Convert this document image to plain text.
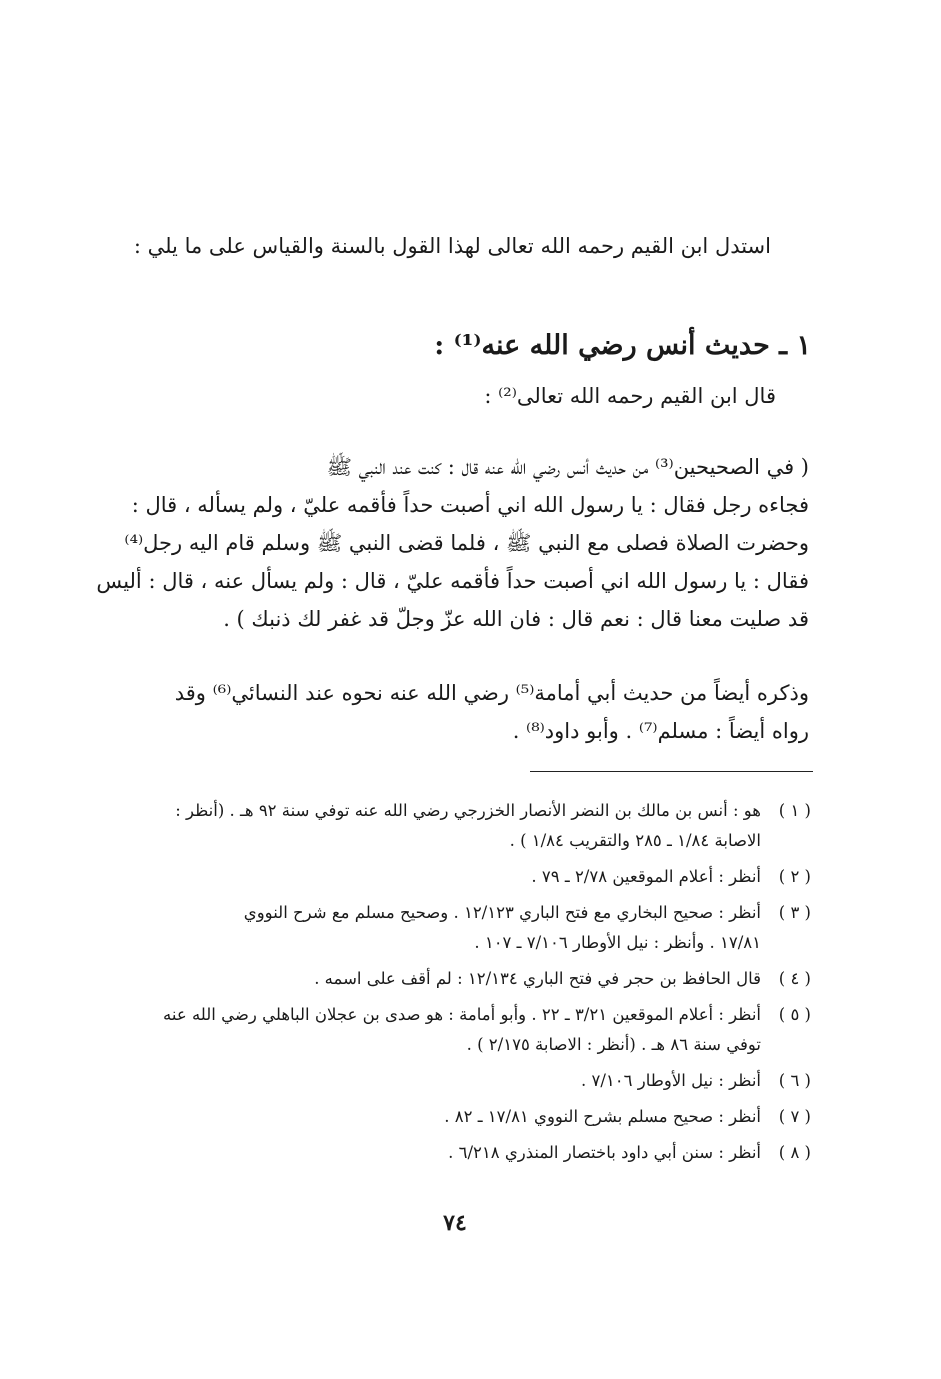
استدل ابن القيم رحمه الله تعالى لهذا القول بالسنة والقياس على ما يلي :
١ ـ حديث أنس رضي الله عنه⁽¹⁾ :
قال ابن القيم رحمه الله تعالى⁽²⁾ :

( في الصحيحين⁽³⁾ من حديث أنس رضي الله عنه قال : كنت عند النبي ﷺ

فجاءه رجل فقال : يا رسول الله اني أصبت حداً فأقمه عليّ ، ولم يسأله ، قال :

وحضرت الصلاة فصلى مع النبي ﷺ ، فلما قضى النبي ﷺ وسلم قام اليه رجل⁽⁴⁾

فقال : يا رسول الله اني أصبت حداً فأقمه عليّ ، قال : ولم يسأل عنه ، قال : أليس

قد صليت معنا قال : نعم قال : فان الله عزّ وجلّ قد غفر لك ذنبك ) .

وذكره أيضاً من حديث أبي أمامة⁽⁵⁾ رضي الله عنه نحوه عند النسائي⁽⁶⁾ وقد

رواه أيضاً : مسلم⁽⁷⁾ . وأبو داود⁽⁸⁾ .

( ١ )
هو : أنس بن مالك بن النضر الأنصار الخزرجي رضي الله عنه توفي سنة ٩٢ هـ . (أنظر :
الاصابة ١/٨٤ ـ ٢٨٥ والتقريب ١/٨٤ ) .
( ٢ )
أنظر : أعلام الموقعين ٢/٧٨ ـ ٧٩ .
( ٣ )
أنظر : صحيح البخاري مع فتح الباري ١٢/١٢٣ . وصحيح مسلم مع شرح النووي
١٧/٨١ . وأنظر : نيل الأوطار ٧/١٠٦ ـ ١٠٧ .
( ٤ )
قال الحافظ بن حجر في فتح الباري ١٢/١٣٤ : لم أقف على اسمه .
( ٥ )
أنظر : أعلام الموقعين ٣/٢١ ـ ٢٢ . وأبو أمامة : هو صدى بن عجلان الباهلي رضي الله عنه
توفي سنة ٨٦ هـ . (أنظر : الاصابة ٢/١٧٥ ) .
( ٦ )
أنظر : نيل الأوطار ٧/١٠٦ .
( ٧ )
أنظر : صحيح مسلم بشرح النووي ١٧/٨١ ـ ٨٢ .
( ٨ )
أنظر : سنن أبي داود باختصار المنذري ٦/٢١٨ .
٧٤
